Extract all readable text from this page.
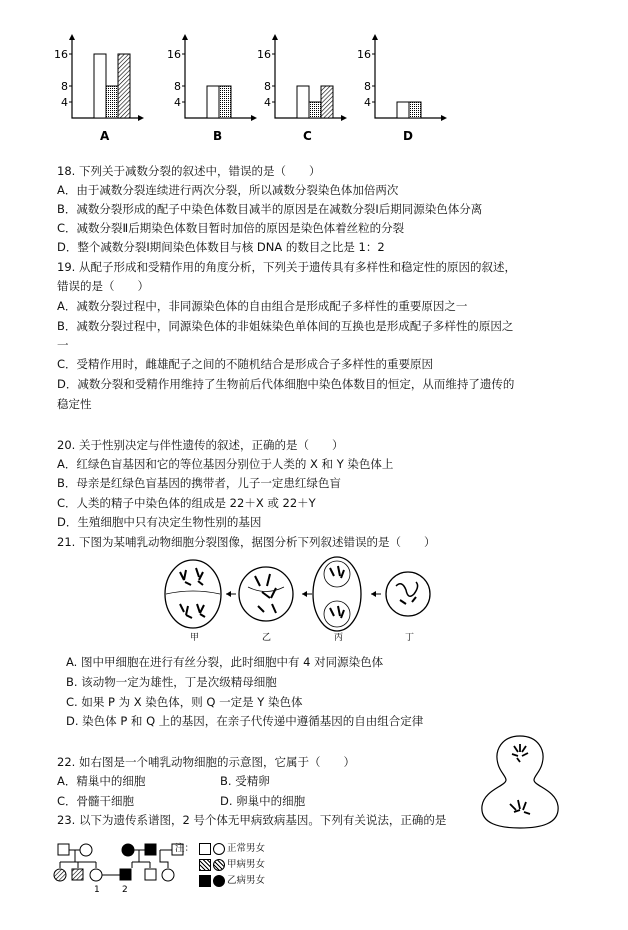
16
8
4
A
16
8
4
B
16
8
4
C
16
8
4
D
18. 下列关于减数分裂的叙述中，错误的是（　　）
A．由于减数分裂连续进行两次分裂，所以减数分裂染色体加倍两次
B．减数分裂形成的配子中染色体数目减半的原因是在减数分裂Ⅰ后期同源染色体分离
C．减数分裂Ⅱ后期染色体数目暂时加倍的原因是染色体着丝粒的分裂
D．整个减数分裂Ⅰ期间染色体数目与核 DNA 的数目之比是 1：2
19. 从配子形成和受精作用的角度分析，下列关于遗传具有多样性和稳定性的原因的叙述，
错误的是（　　）
A．减数分裂过程中，非同源染色体的自由组合是形成配子多样性的重要原因之一
B．减数分裂过程中，同源染色体的非姐妹染色单体间的互换也是形成配子多样性的原因之
一
C．受精作用时，雌雄配子之间的不随机结合是形成合子多样性的重要原因
D．减数分裂和受精作用维持了生物前后代体细胞中染色体数目的恒定，从而维持了遗传的
稳定性
20. 关于性别决定与伴性遗传的叙述，正确的是（　　）
A．红绿色盲基因和它的等位基因分别位于人类的 X 和 Y 染色体上
B．母亲是红绿色盲基因的携带者，儿子一定患红绿色盲
C．人类的精子中染色体的组成是 22＋X 或 22＋Y
D．生殖细胞中只有决定生物性别的基因
21. 下图为某哺乳动物细胞分裂图像，据图分析下列叙述错误的是（　　）
甲	乙	丙	丁
A. 图中甲细胞在进行有丝分裂，此时细胞中有 4 对同源染色体
B. 该动物一定为雄性，丁是次级精母细胞
C. 如果 P 为 X 染色体，则 Q 一定是 Y 染色体
D. 染色体 P 和 Q 上的基因，在亲子代传递中遵循基因的自由组合定律
22. 如右图是一个哺乳动物细胞的示意图，它属于（　　）
A．精巢中的细胞	B. 受精卵
C．骨髓干细胞	D. 卵巢中的细胞
23. 以下为遗传系谱图，2 号个体无甲病致病基因。下列有关说法，正确的是
1 2
注：	正常男女
甲病男女
乙病男女
